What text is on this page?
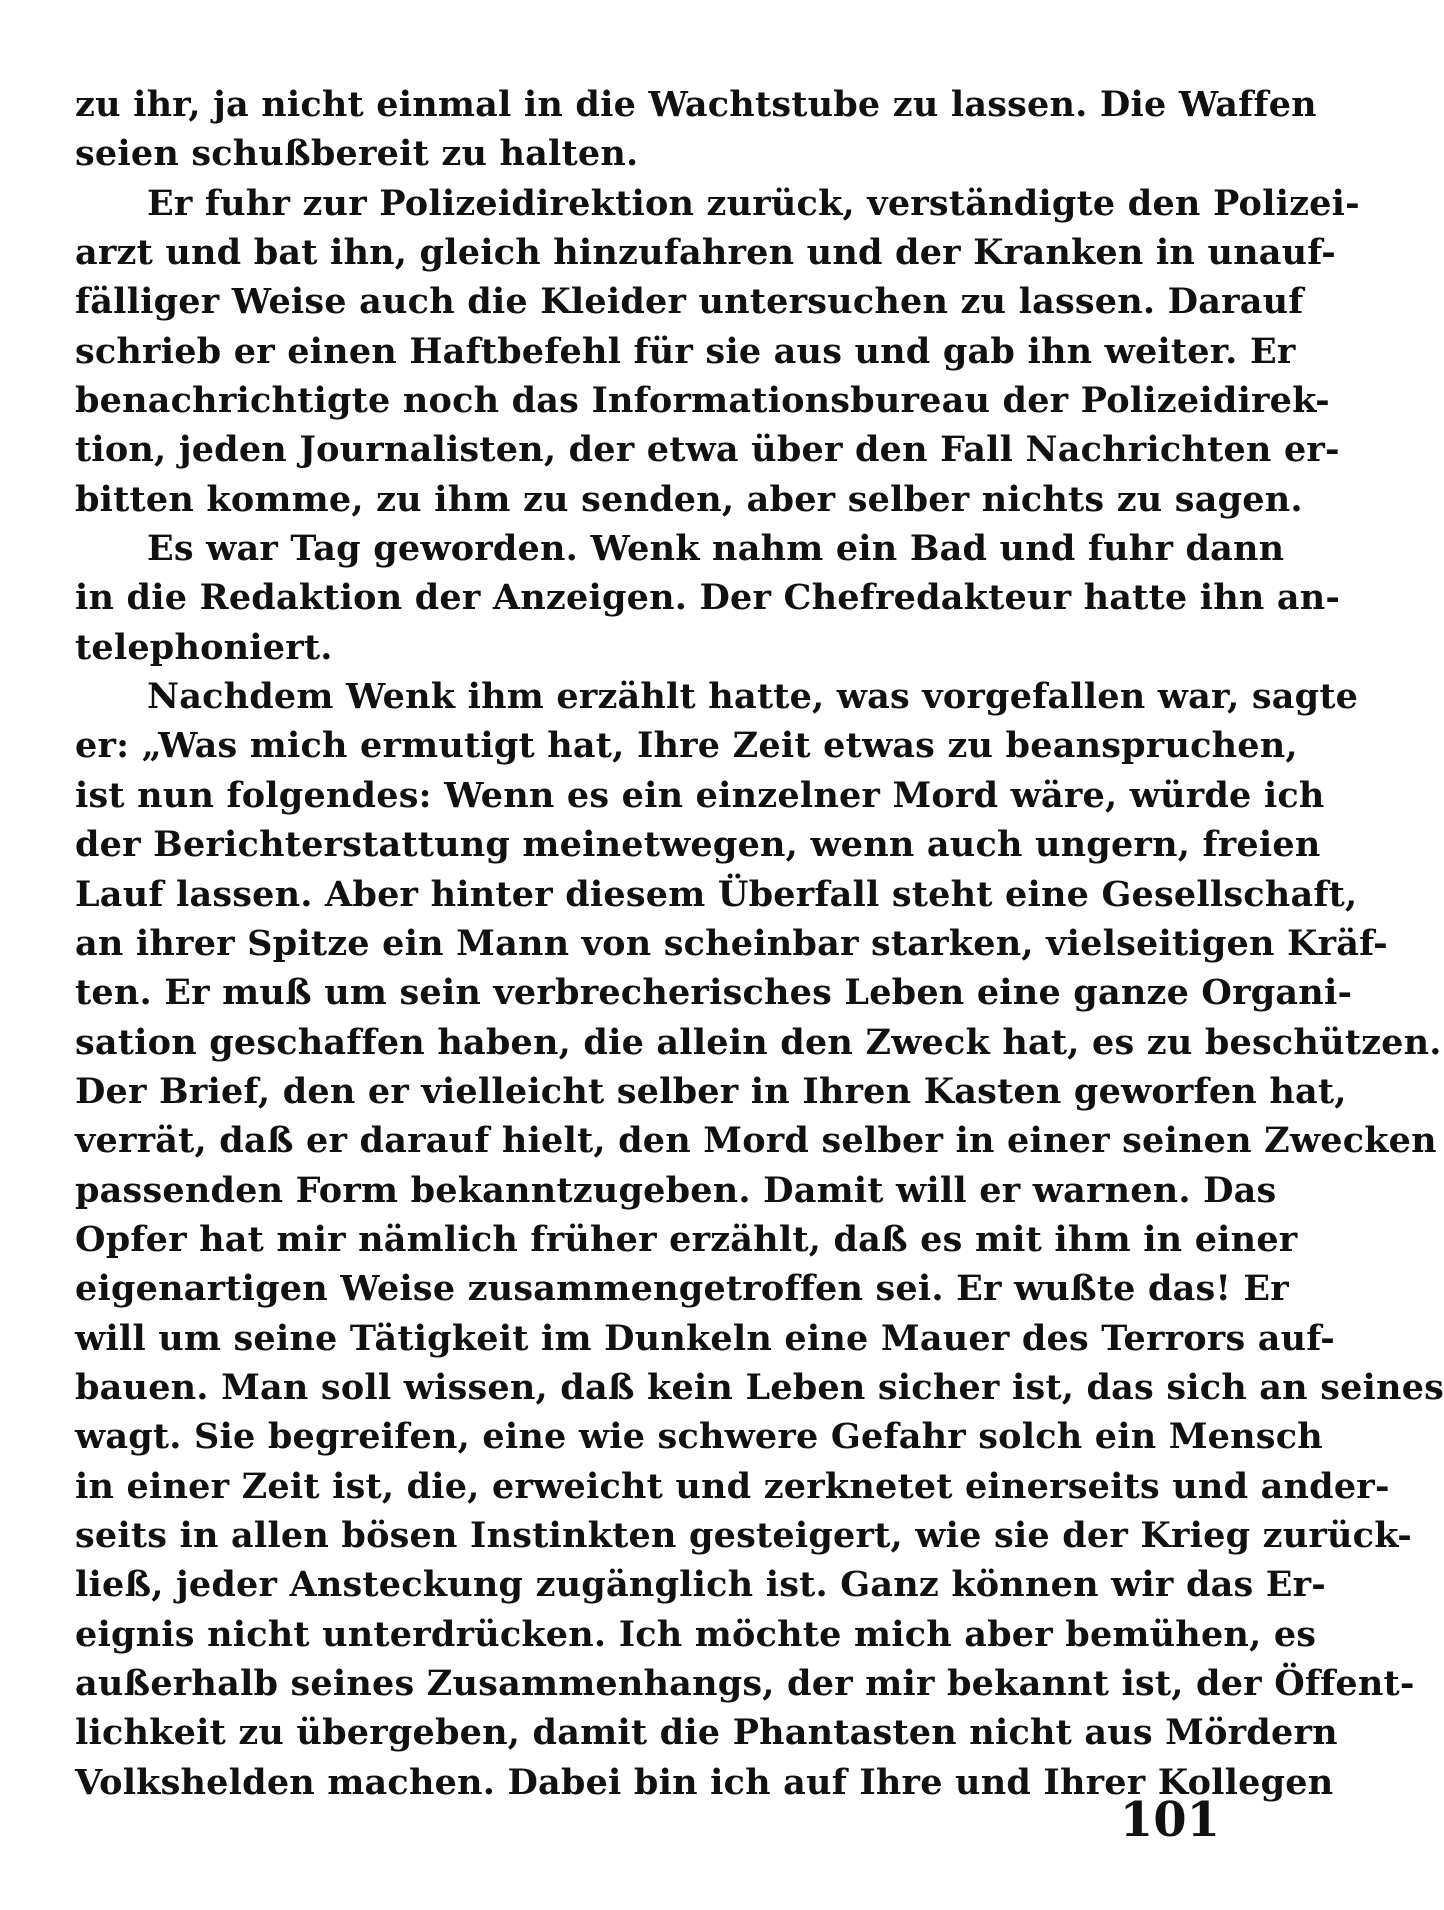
zu ihr, ja nicht einmal in die Wachtstube zu lassen. Die Waffen
seien schußbereit zu halten.
Er fuhr zur Polizeidirektion zurück, verständigte den Polizei-
arzt und bat ihn, gleich hinzufahren und der Kranken in unauf-
fälliger Weise auch die Kleider untersuchen zu lassen. Darauf
schrieb er einen Haftbefehl für sie aus und gab ihn weiter. Er
benachrichtigte noch das Informationsbureau der Polizeidirek-
tion, jeden Journalisten, der etwa über den Fall Nachrichten er-
bitten komme, zu ihm zu senden, aber selber nichts zu sagen.
Es war Tag geworden. Wenk nahm ein Bad und fuhr dann
in die Redaktion der Anzeigen. Der Chefredakteur hatte ihn an-
telephoniert.
Nachdem Wenk ihm erzählt hatte, was vorgefallen war, sagte
er: „Was mich ermutigt hat, Ihre Zeit etwas zu beanspruchen,
ist nun folgendes: Wenn es ein einzelner Mord wäre, würde ich
der Berichterstattung meinetwegen, wenn auch ungern, freien
Lauf lassen. Aber hinter diesem Überfall steht eine Gesellschaft,
an ihrer Spitze ein Mann von scheinbar starken, vielseitigen Kräf-
ten. Er muß um sein verbrecherisches Leben eine ganze Organi-
sation geschaffen haben, die allein den Zweck hat, es zu beschützen.
Der Brief, den er vielleicht selber in Ihren Kasten geworfen hat,
verrät, daß er darauf hielt, den Mord selber in einer seinen Zwecken
passenden Form bekanntzugeben. Damit will er warnen. Das
Opfer hat mir nämlich früher erzählt, daß es mit ihm in einer
eigenartigen Weise zusammengetroffen sei. Er wußte das! Er
will um seine Tätigkeit im Dunkeln eine Mauer des Terrors auf-
bauen. Man soll wissen, daß kein Leben sicher ist, das sich an seines
wagt. Sie begreifen, eine wie schwere Gefahr solch ein Mensch
in einer Zeit ist, die, erweicht und zerknetet einerseits und ander-
seits in allen bösen Instinkten gesteigert, wie sie der Krieg zurück-
ließ, jeder Ansteckung zugänglich ist. Ganz können wir das Er-
eignis nicht unterdrücken. Ich möchte mich aber bemühen, es
außerhalb seines Zusammenhangs, der mir bekannt ist, der Öffent-
lichkeit zu übergeben, damit die Phantasten nicht aus Mördern
Volkshelden machen. Dabei bin ich auf Ihre und Ihrer Kollegen
101
